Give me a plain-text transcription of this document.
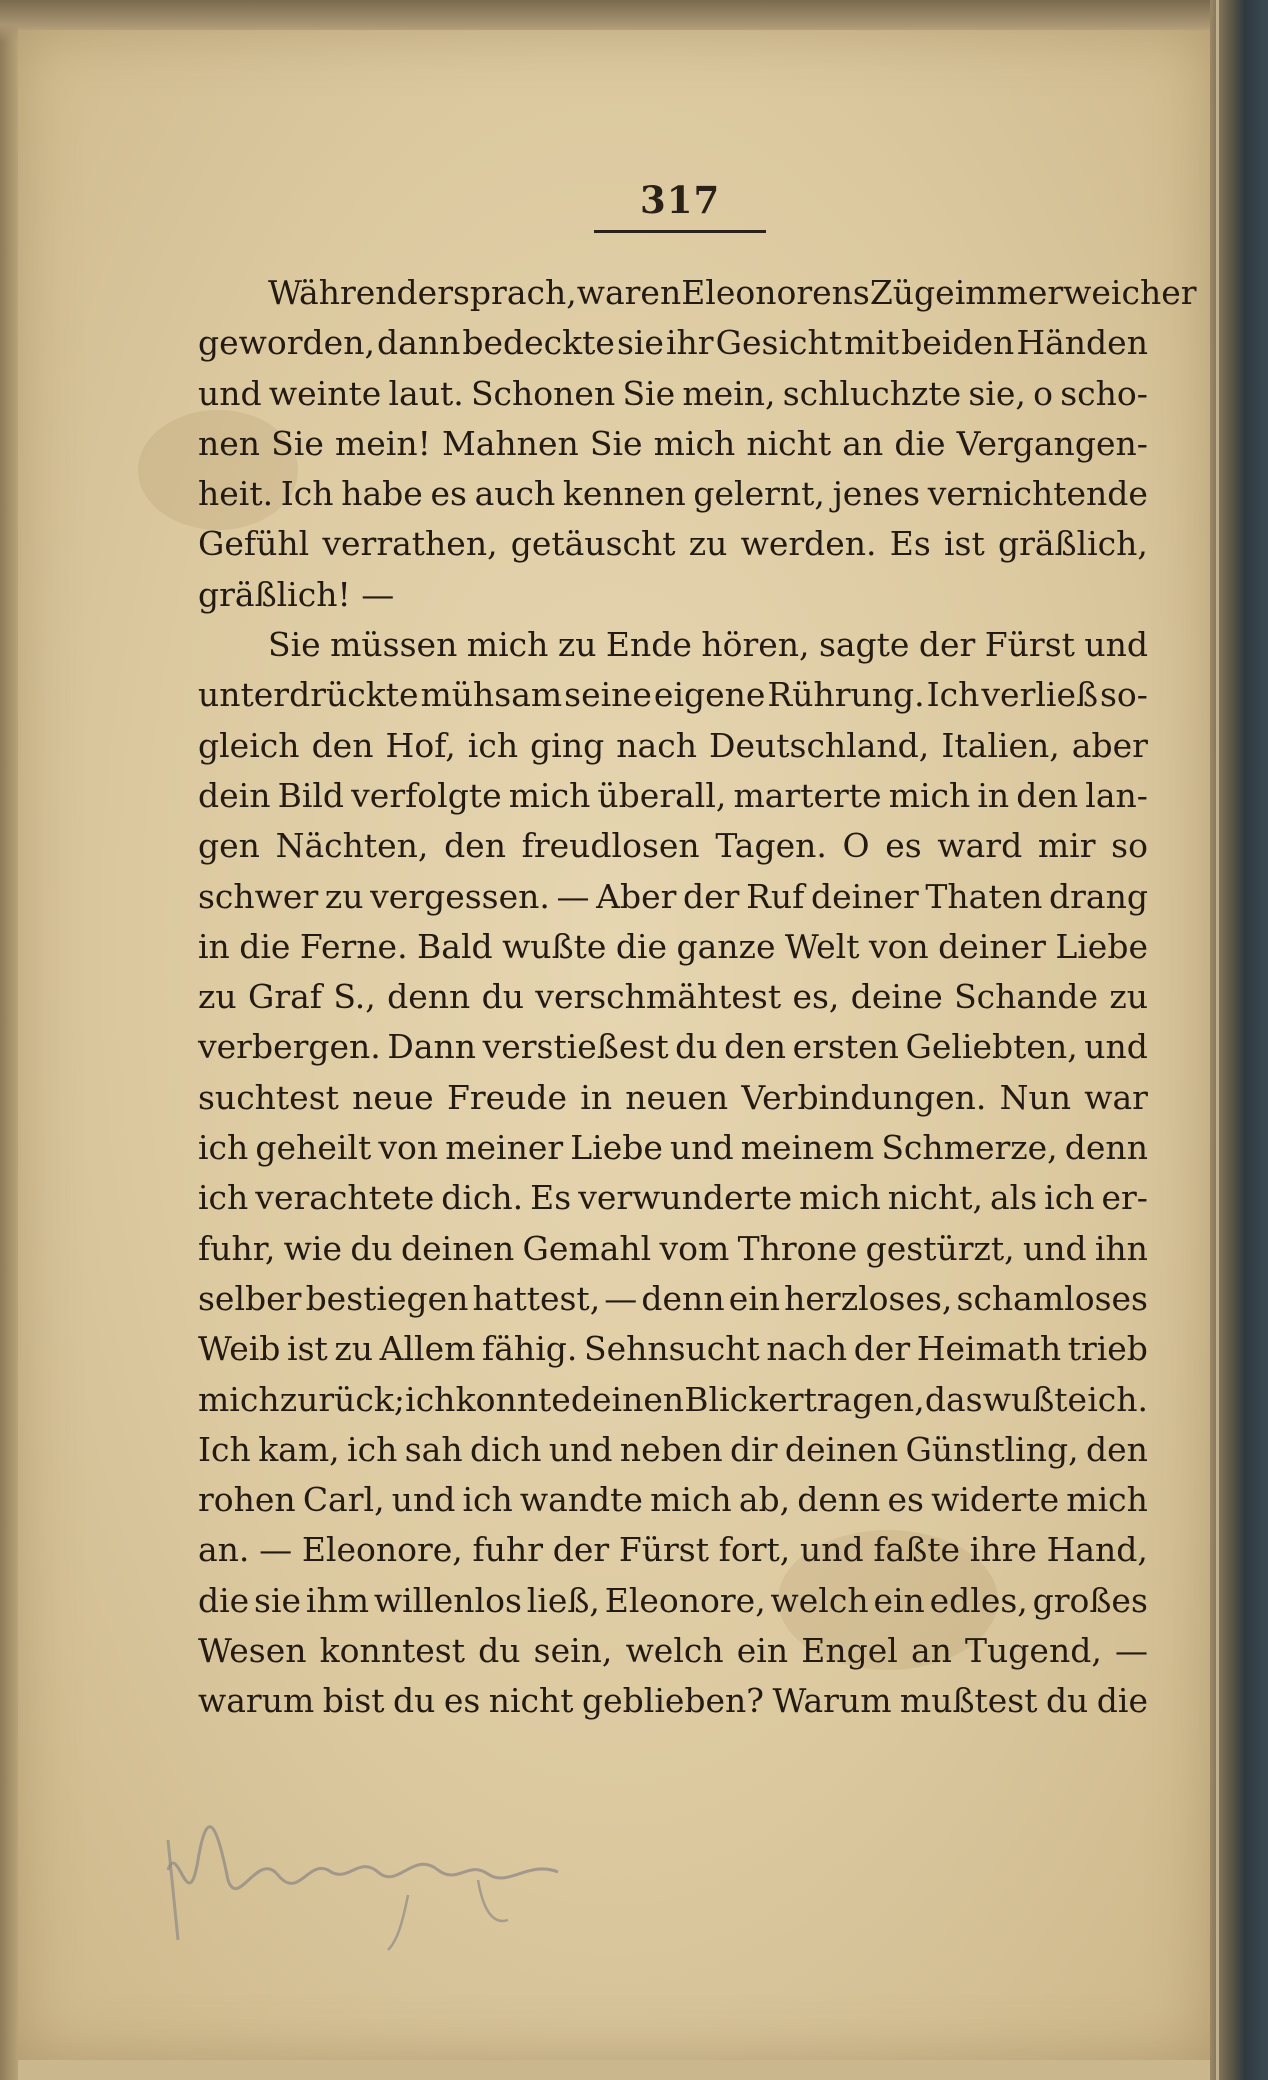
317
Während er sprach, waren Eleonorens Züge immer weicher
geworden, dann bedeckte sie ihr Gesicht mit beiden Händen
und weinte laut. Schonen Sie mein, schluchzte sie, o scho-
nen Sie mein! Mahnen Sie mich nicht an die Vergangen-
heit. Ich habe es auch kennen gelernt, jenes vernichtende
Gefühl verrathen, getäuscht zu werden. Es ist gräßlich,
gräßlich! —
Sie müssen mich zu Ende hören, sagte der Fürst und
unterdrückte mühsam seine eigene Rührung. Ich verließ so-
gleich den Hof, ich ging nach Deutschland, Italien, aber
dein Bild verfolgte mich überall, marterte mich in den lan-
gen Nächten, den freudlosen Tagen. O es ward mir so
schwer zu vergessen. — Aber der Ruf deiner Thaten drang
in die Ferne. Bald wußte die ganze Welt von deiner Liebe
zu Graf S., denn du verschmähtest es, deine Schande zu
verbergen. Dann verstießest du den ersten Geliebten, und
suchtest neue Freude in neuen Verbindungen. Nun war
ich geheilt von meiner Liebe und meinem Schmerze, denn
ich verachtete dich. Es verwunderte mich nicht, als ich er-
fuhr, wie du deinen Gemahl vom Throne gestürzt, und ihn
selber bestiegen hattest, — denn ein herzloses, schamloses
Weib ist zu Allem fähig. Sehnsucht nach der Heimath trieb
mich zurück; ich konnte deinen Blick ertragen, das wußte ich.
Ich kam, ich sah dich und neben dir deinen Günstling, den
rohen Carl, und ich wandte mich ab, denn es widerte mich
an. — Eleonore, fuhr der Fürst fort, und faßte ihre Hand,
die sie ihm willenlos ließ, Eleonore, welch ein edles, großes
Wesen konntest du sein, welch ein Engel an Tugend, —
warum bist du es nicht geblieben? Warum mußtest du die
